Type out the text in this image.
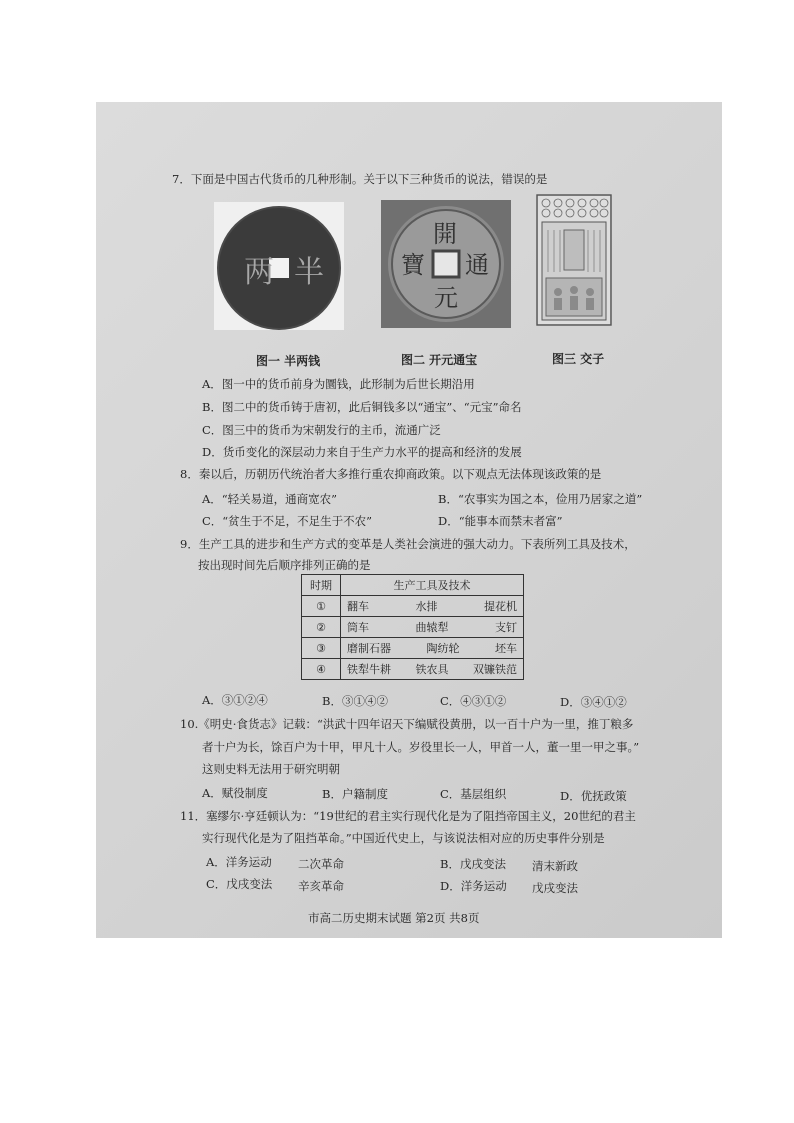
7．下面是中国古代货币的几种形制。关于以下三种货币的说法，错误的是
两 半
開
通
元
寶
图一 半两钱	图二 开元通宝	图三 交子
A．图一中的货币前身为圜钱，此形制为后世长期沿用
B．图二中的货币铸于唐初，此后铜钱多以“通宝”、“元宝”命名
C．图三中的货币为宋朝发行的主币，流通广泛
D．货币变化的深层动力来自于生产力水平的提高和经济的发展
8．秦以后，历朝历代统治者大多推行重农抑商政策。以下观点无法体现该政策的是
A．“轻关易道，通商宽农”	B．“农事实为国之本，俭用乃居家之道”
C．“贫生于不足，不足生于不农”	D．“能事本而禁末者富”
9．生产工具的进步和生产方式的变革是人类社会演进的强大动力。下表所列工具及技术，
按出现时间先后顺序排列正确的是
时期	生产工具及技术
①	翻车 水排 提花机

②	筒车 曲辕犁 支钉

③	磨制石器 陶纺轮 坯车

④	铁犁牛耕 铁农具 双镰铁范
A．③①②④	B．③①④②	C．④③①②	D．③④①②
10.《明史·食货志》记载：“洪武十四年诏天下编赋役黄册，以一百十户为一里，推丁粮多
者十户为长，馀百户为十甲，甲凡十人。岁役里长一人，甲首一人，董一里一甲之事。”
这则史料无法用于研究明朝
A．赋役制度	B．户籍制度	C．基层组织	D．优抚政策
11．塞缪尔·亨廷顿认为：“19世纪的君主实行现代化是为了阻挡帝国主义，20世纪的君主
实行现代化是为了阻挡革命。”中国近代史上，与该说法相对应的历史事件分别是
A．洋务运动 二次革命	B．戊戌变法 清末新政
C．戊戌变法 辛亥革命	D．洋务运动 戊戌变法
市高二历史期末试题 第2页 共8页
